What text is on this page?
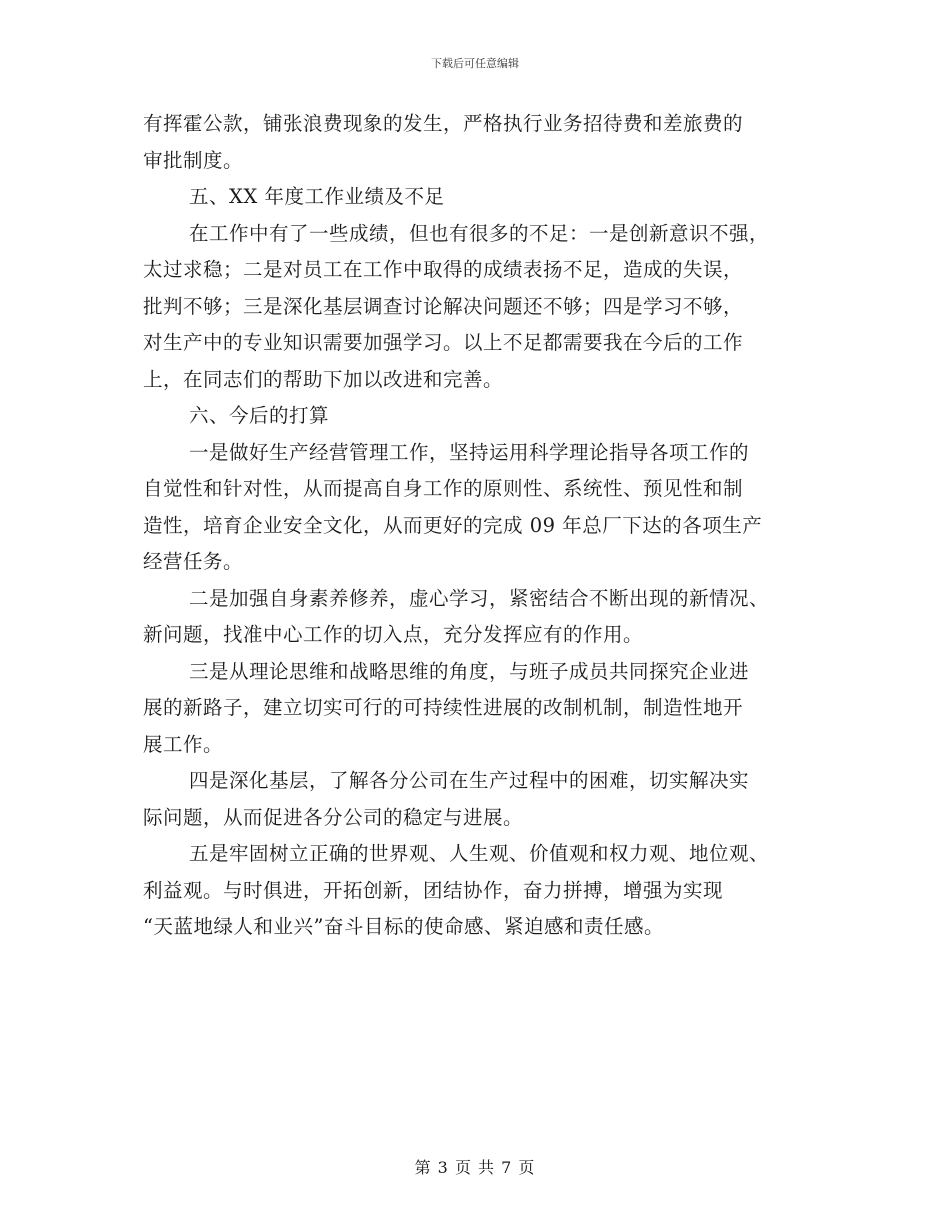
下载后可任意编辑
有挥霍公款，铺张浪费现象的发生，严格执行业务招待费和差旅费的
审批制度。
五、XX 年度工作业绩及不足
在工作中有了一些成绩，但也有很多的不足：一是创新意识不强，
太过求稳；二是对员工在工作中取得的成绩表扬不足，造成的失误，
批判不够；三是深化基层调查讨论解决问题还不够；四是学习不够，
对生产中的专业知识需要加强学习。以上不足都需要我在今后的工作
上，在同志们的帮助下加以改进和完善。
六、今后的打算
一是做好生产经营管理工作，坚持运用科学理论指导各项工作的
自觉性和针对性，从而提高自身工作的原则性、系统性、预见性和制
造性，培育企业安全文化，从而更好的完成 09 年总厂下达的各项生产
经营任务。
二是加强自身素养修养，虚心学习，紧密结合不断出现的新情况、
新问题，找准中心工作的切入点，充分发挥应有的作用。
三是从理论思维和战略思维的角度，与班子成员共同探究企业进
展的新路子，建立切实可行的可持续性进展的改制机制，制造性地开
展工作。
四是深化基层，了解各分公司在生产过程中的困难，切实解决实
际问题，从而促进各分公司的稳定与进展。
五是牢固树立正确的世界观、人生观、价值观和权力观、地位观、
利益观。与时俱进，开拓创新，团结协作，奋力拼搏，增强为实现
“天蓝地绿人和业兴”奋斗目标的使命感、紧迫感和责任感。
第 3 页 共 7 页
